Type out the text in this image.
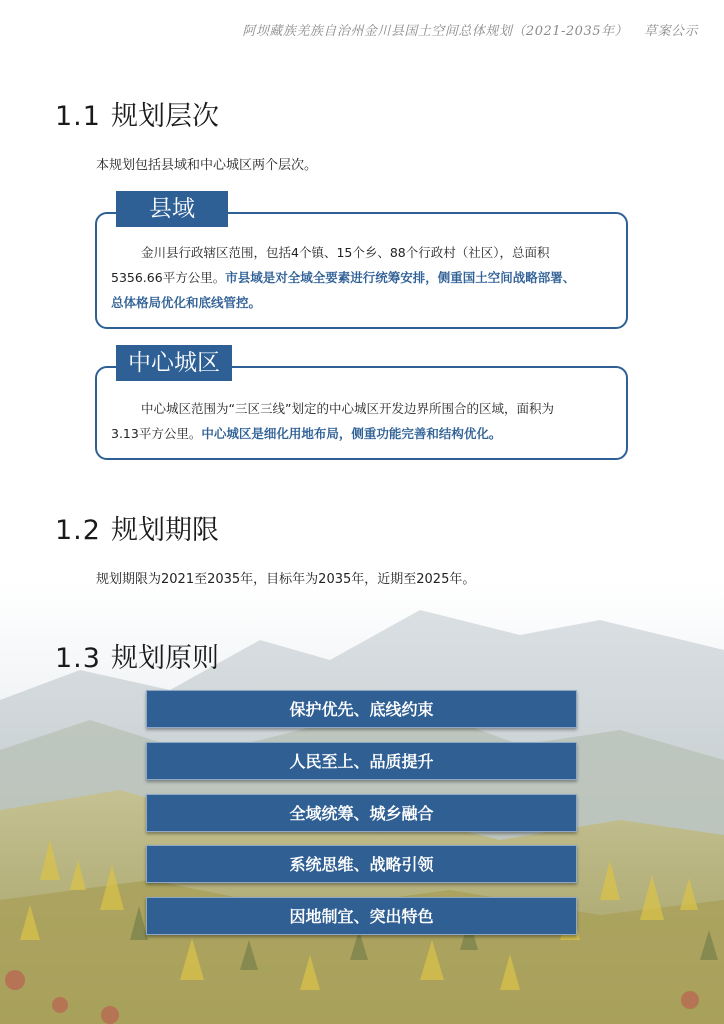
阿坝藏族羌族自治州金川县国土空间总体规划（2021-2035年） 草案公示
1.1 规划层次
本规划包括县域和中心城区两个层次。
县域
金川县行政辖区范围，包括4个镇、15个乡、88个行政村（社区），总面积
5356.66平方公里。市县域是对全域全要素进行统筹安排，侧重国土空间战略部署、
总体格局优化和底线管控。
中心城区
中心城区范围为“三区三线”划定的中心城区开发边界所围合的区域，面积为
3.13平方公里。中心城区是细化用地布局，侧重功能完善和结构优化。
1.2 规划期限
规划期限为2021至2035年，目标年为2035年，近期至2025年。
1.3 规划原则
保护优先、底线约束
人民至上、品质提升
全域统筹、城乡融合
系统思维、战略引领
因地制宜、突出特色
